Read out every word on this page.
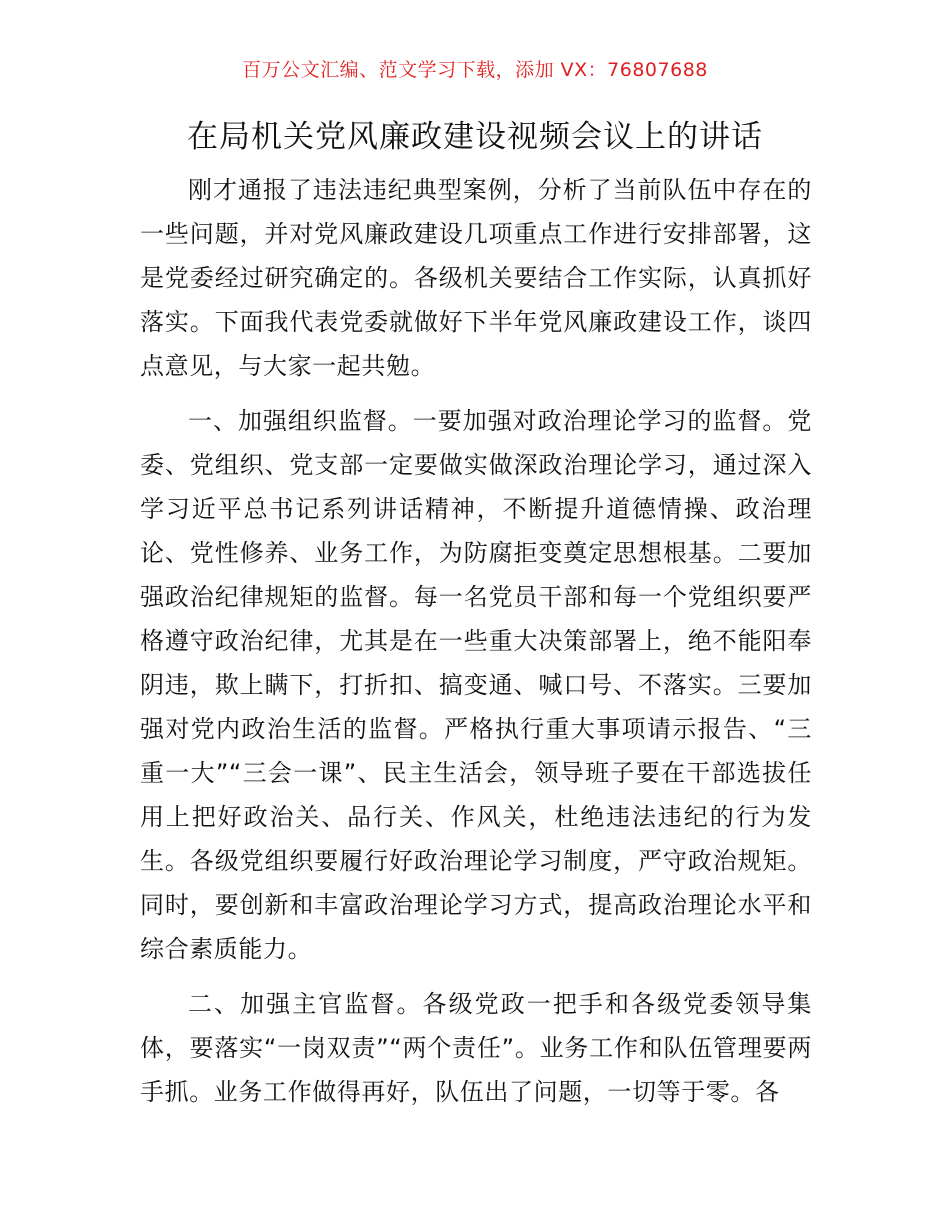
百万公文汇编、范文学习下载，添加 VX：76807688
在局机关党风廉政建设视频会议上的讲话

刚才通报了违法违纪典型案例，分析了当前队伍中存在的一些问题，并对党风廉政建设几项重点工作进行安排部署，这是党委经过研究确定的。各级机关要结合工作实际，认真抓好落实。下面我代表党委就做好下半年党风廉政建设工作，谈四点意见，与大家一起共勉。

一、加强组织监督。一要加强对政治理论学习的监督。党委、党组织、党支部一定要做实做深政治理论学习，通过深入学习近平总书记系列讲话精神，不断提升道德情操、政治理论、党性修养、业务工作，为防腐拒变奠定思想根基。二要加强政治纪律规矩的监督。每一名党员干部和每一个党组织要严格遵守政治纪律，尤其是在一些重大决策部署上，绝不能阳奉阴违，欺上瞒下，打折扣、搞变通、喊口号、不落实。三要加强对党内政治生活的监督。严格执行重大事项请示报告、“三重一大”“三会一课”、民主生活会，领导班子要在干部选拔任用上把好政治关、品行关、作风关，杜绝违法违纪的行为发生。各级党组织要履行好政治理论学习制度，严守政治规矩。同时，要创新和丰富政治理论学习方式，提高政治理论水平和综合素质能力。

二、加强主官监督。各级党政一把手和各级党委领导集体，要落实“一岗双责”“两个责任”。业务工作和队伍管理要两手抓。业务工作做得再好，队伍出了问题，一切等于零。各
